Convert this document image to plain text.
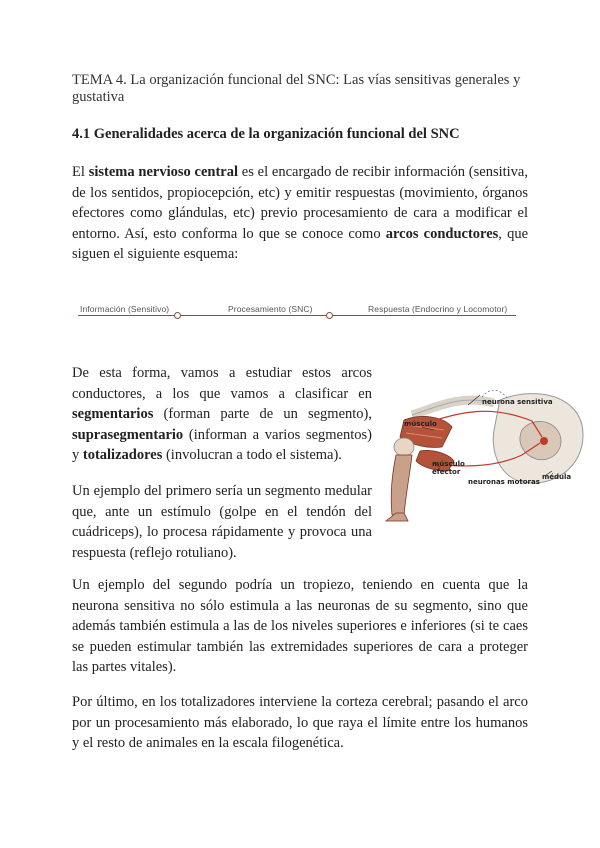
TEMA 4. La organización funcional del SNC: Las vías sensitivas generales y gustativa
4.1 Generalidades acerca de la organización funcional del SNC
El sistema nervioso central es el encargado de recibir información (sensitiva, de los sentidos, propiocepción, etc) y emitir respuestas (movimiento, órganos efectores como glándulas, etc) previo procesamiento de cara a modificar el entorno. Así, esto conforma lo que se conoce como arcos conductores, que siguen el siguiente esquema:
Información (Sensitivo)	Procesamiento (SNC)	Respuesta (Endocrino y Locomotor)
De esta forma, vamos a estudiar estos arcos conductores, a los que vamos a clasificar en segmentarios (forman parte de un segmento), suprasegmentario (informan a varios segmentos) y totalizadores (involucran a todo el sistema).
Un ejemplo del primero sería un segmento medular que, ante un estímulo (golpe en el tendón del cuádriceps), lo procesa rápidamente y provoca una respuesta (reflejo rotuliano).
neurona sensitiva
músculo
músculo
efector
neuronas motoras
médula
Un ejemplo del segundo podría un tropiezo, teniendo en cuenta que la neurona sensitiva no sólo estimula a las neuronas de su segmento, sino que además también estimula a las de los niveles superiores e inferiores (si te caes se pueden estimular también las extremidades superiores de cara a proteger las partes vitales).
Por último, en los totalizadores interviene la corteza cerebral; pasando el arco por un procesamiento más elaborado, lo que raya el límite entre los humanos y el resto de animales en la escala filogenética.
